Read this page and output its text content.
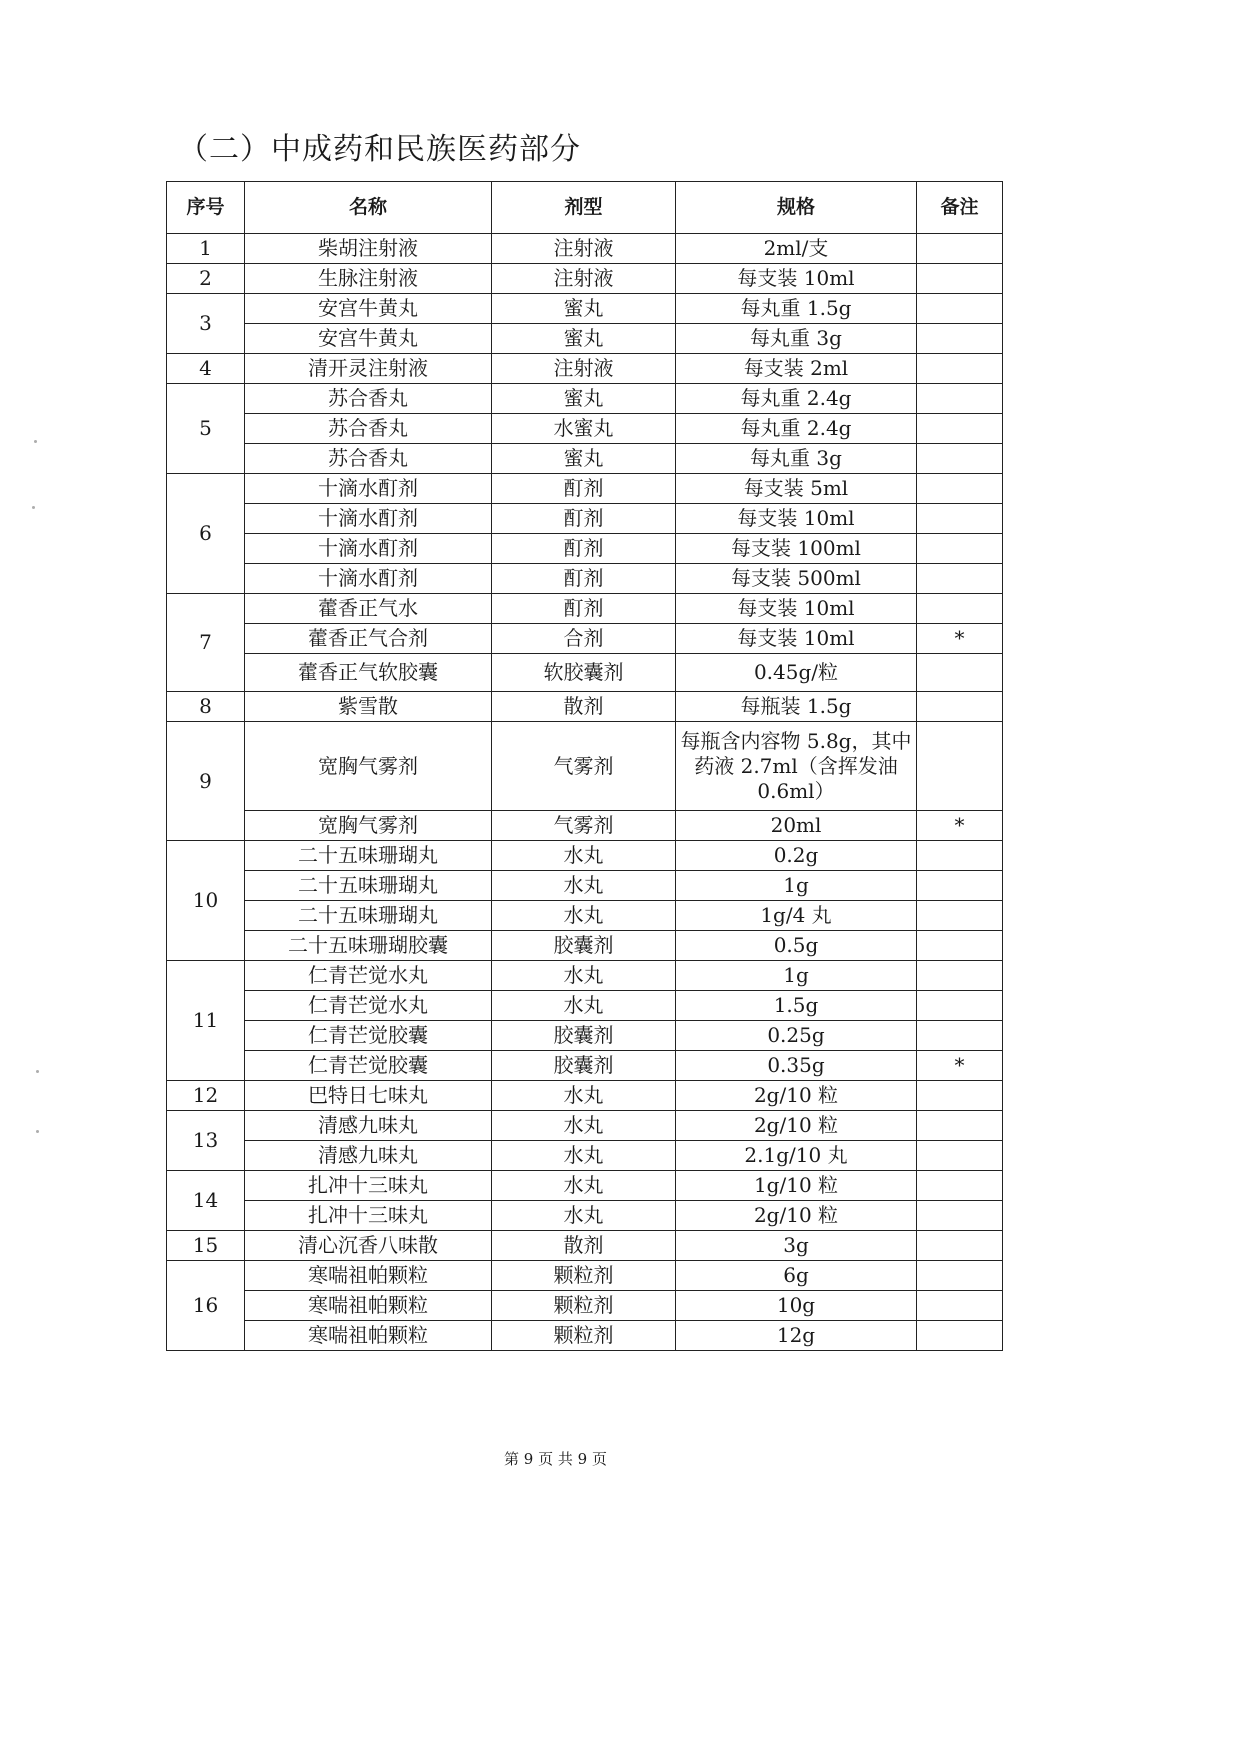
（二）中成药和民族医药部分
序号	名称	剂型	规格	备注
1	柴胡注射液	注射液	2ml/支	
2	生脉注射液	注射液	每支装 10ml	
3	安宫牛黄丸	蜜丸	每丸重 1.5g	
	安宫牛黄丸	蜜丸	每丸重 3g	
4	清开灵注射液	注射液	每支装 2ml	
5	苏合香丸	蜜丸	每丸重 2.4g	
	苏合香丸	水蜜丸	每丸重 2.4g	
	苏合香丸	蜜丸	每丸重 3g	
6	十滴水酊剂	酊剂	每支装 5ml	
	十滴水酊剂	酊剂	每支装 10ml	
	十滴水酊剂	酊剂	每支装 100ml	
	十滴水酊剂	酊剂	每支装 500ml	
7	藿香正气水	酊剂	每支装 10ml	
	藿香正气合剂	合剂	每支装 10ml	*
	藿香正气软胶囊	软胶囊剂	0.45g/粒	
8	紫雪散	散剂	每瓶装 1.5g	
9	宽胸气雾剂	气雾剂	每瓶含内容物 5.8g，其中药液 2.7ml（含挥发油 0.6ml）	
	宽胸气雾剂	气雾剂	20ml	*
10	二十五味珊瑚丸	水丸	0.2g	
	二十五味珊瑚丸	水丸	1g	
	二十五味珊瑚丸	水丸	1g/4 丸	
	二十五味珊瑚胶囊	胶囊剂	0.5g	
11	仁青芒觉水丸	水丸	1g	
	仁青芒觉水丸	水丸	1.5g	
	仁青芒觉胶囊	胶囊剂	0.25g	
	仁青芒觉胶囊	胶囊剂	0.35g	*
12	巴特日七味丸	水丸	2g/10 粒	
13	清感九味丸	水丸	2g/10 粒	
	清感九味丸	水丸	2.1g/10 丸	
14	扎冲十三味丸	水丸	1g/10 粒	
	扎冲十三味丸	水丸	2g/10 粒	
15	清心沉香八味散	散剂	3g	
16	寒喘祖帕颗粒	颗粒剂	6g	
	寒喘祖帕颗粒	颗粒剂	10g	
	寒喘祖帕颗粒	颗粒剂	12g	

第 9 页 共 9 页
